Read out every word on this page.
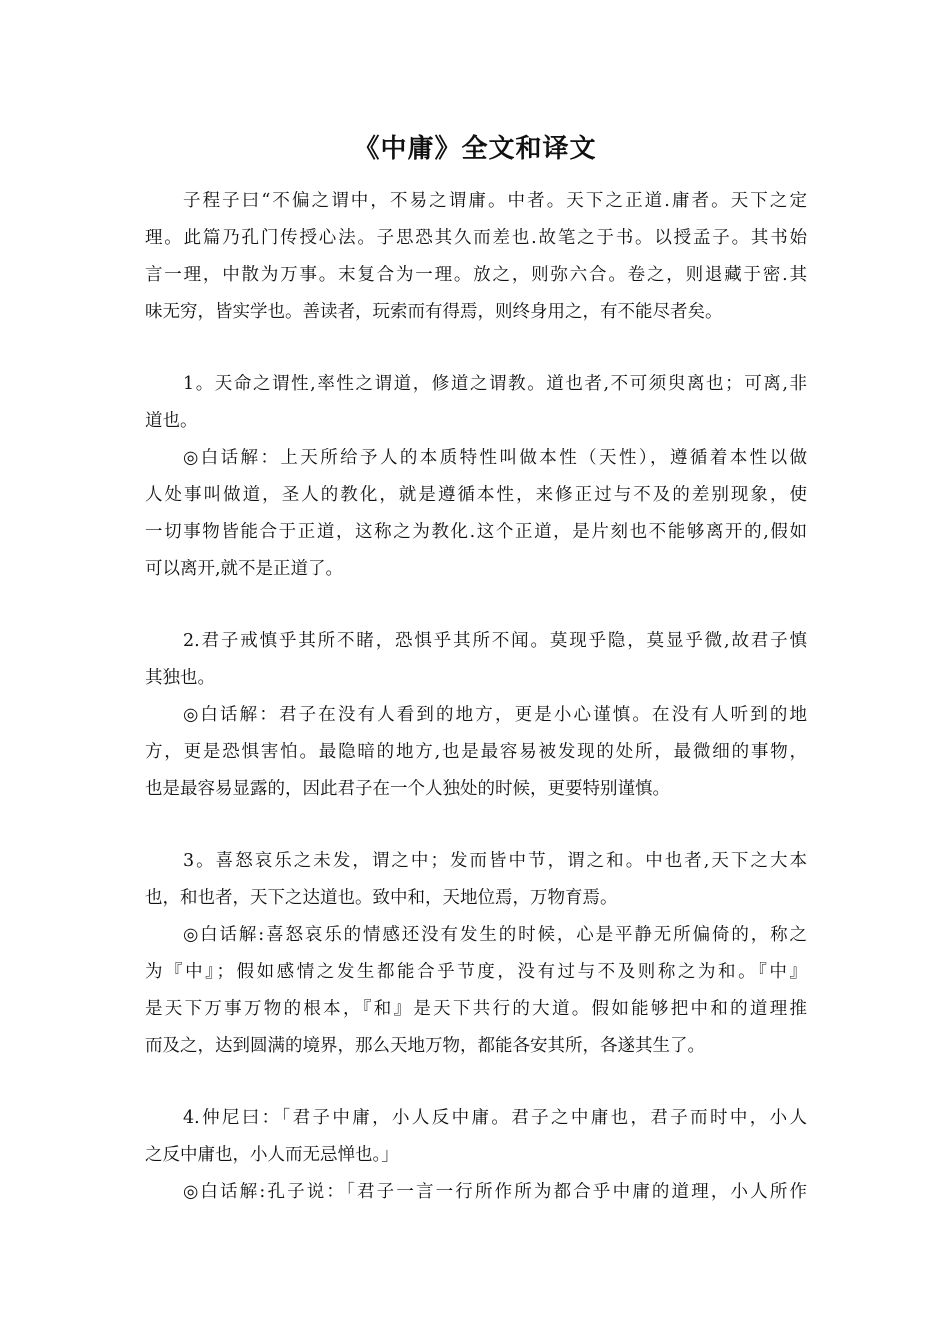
《中庸》全文和译文
子程子曰“不偏之谓中，不易之谓庸。中者。天下之正道.庸者。天下之定
理。此篇乃孔门传授心法。子思恐其久而差也.故笔之于书。以授孟子。其书始
言一理，中散为万事。末复合为一理。放之，则弥六合。卷之，则退藏于密.其
味无穷，皆实学也。善读者，玩索而有得焉，则终身用之，有不能尽者矣。
1。天命之谓性,率性之谓道，修道之谓教。道也者,不可须臾离也；可离,非
道也。
◎白话解：上天所给予人的本质特性叫做本性（天性），遵循着本性以做
人处事叫做道，圣人的教化，就是遵循本性，来修正过与不及的差别现象，使
一切事物皆能合于正道，这称之为教化.这个正道，是片刻也不能够离开的,假如
可以离开,就不是正道了。
2.君子戒慎乎其所不睹，恐惧乎其所不闻。莫现乎隐，莫显乎微,故君子慎
其独也。
◎白话解：君子在没有人看到的地方，更是小心谨慎。在没有人听到的地
方，更是恐惧害怕。最隐暗的地方,也是最容易被发现的处所，最微细的事物，
也是最容易显露的，因此君子在一个人独处的时候，更要特别谨慎。
3。喜怒哀乐之未发，谓之中；发而皆中节，谓之和。中也者,天下之大本
也，和也者，天下之达道也。致中和，天地位焉，万物育焉。
◎白话解:喜怒哀乐的情感还没有发生的时候，心是平静无所偏倚的，称之
为『中』；假如感情之发生都能合乎节度，没有过与不及则称之为和。『中』
是天下万事万物的根本，『和』是天下共行的大道。假如能够把中和的道理推
而及之，达到圆满的境界，那么天地万物，都能各安其所，各遂其生了。
4.仲尼曰：「君子中庸，小人反中庸。君子之中庸也，君子而时中，小人
之反中庸也，小人而无忌惮也。」
◎白话解:孔子说：「君子一言一行所作所为都合乎中庸的道理，小人所作
